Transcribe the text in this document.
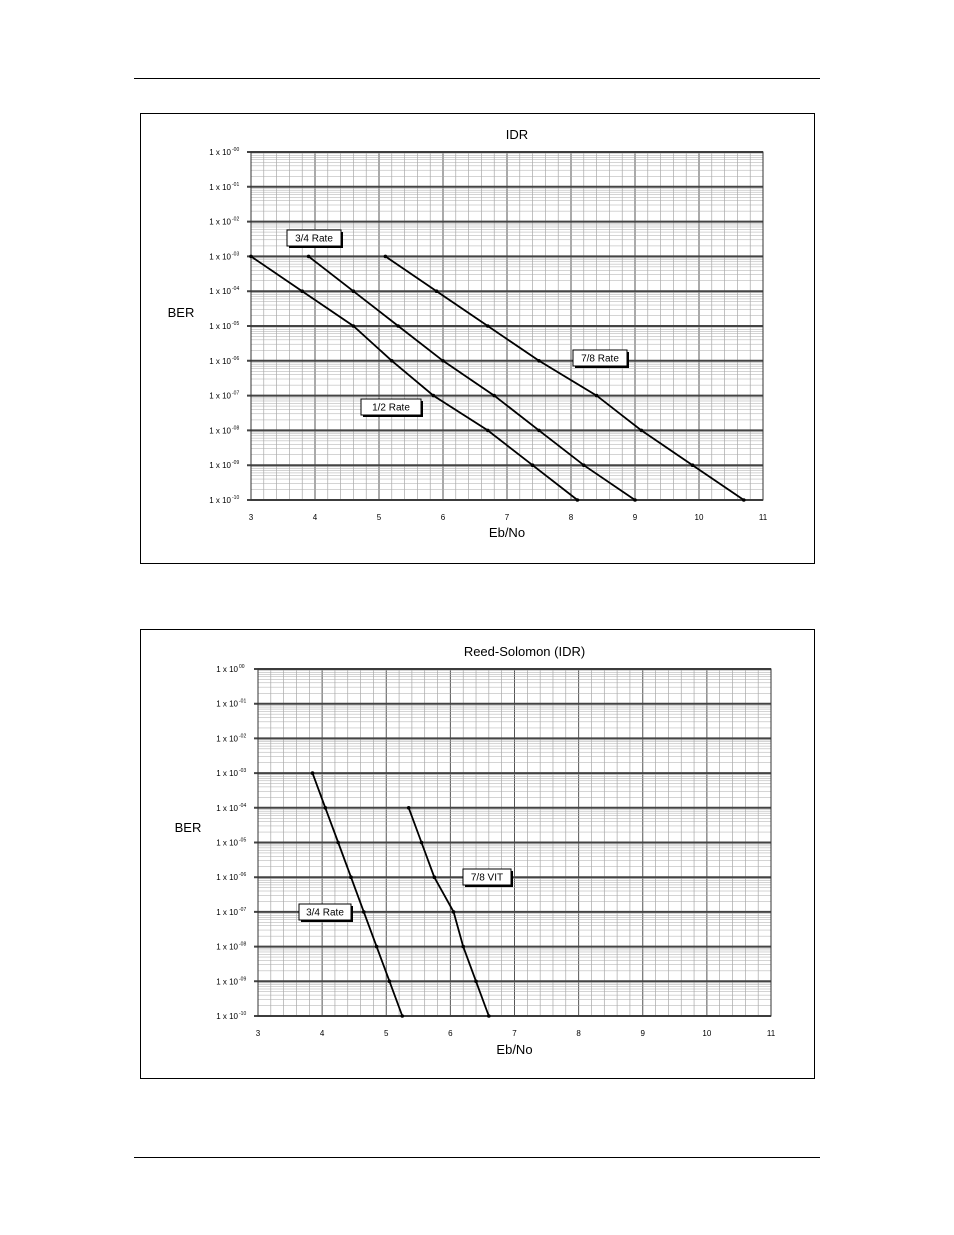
IDR
BER
Eb/No
3	4	5	6	7	8	9	10	11
1 x 10 -00
1 x 10 -01
1 x 10 -02
1 x 10 -03
1 x 10 -04
1 x 10 -05
1 x 10 -06
1 x 10 -07
1 x 10 -08
1 x 10 -09
1 x 10 -10
1/2 Rate
3/4 Rate
7/8 Rate
Reed-Solomon (IDR)
BER
Eb/No
3	4	5	6	7	8	9	10	11
1 x 10 00
1 x 10 -01
1 x 10 -02
1 x 10 -03
1 x 10 -04
1 x 10 -05
1 x 10 -06
1 x 10 -07
1 x 10 -08
1 x 10 -09
1 x 10 -10
3/4 Rate
7/8 VIT
